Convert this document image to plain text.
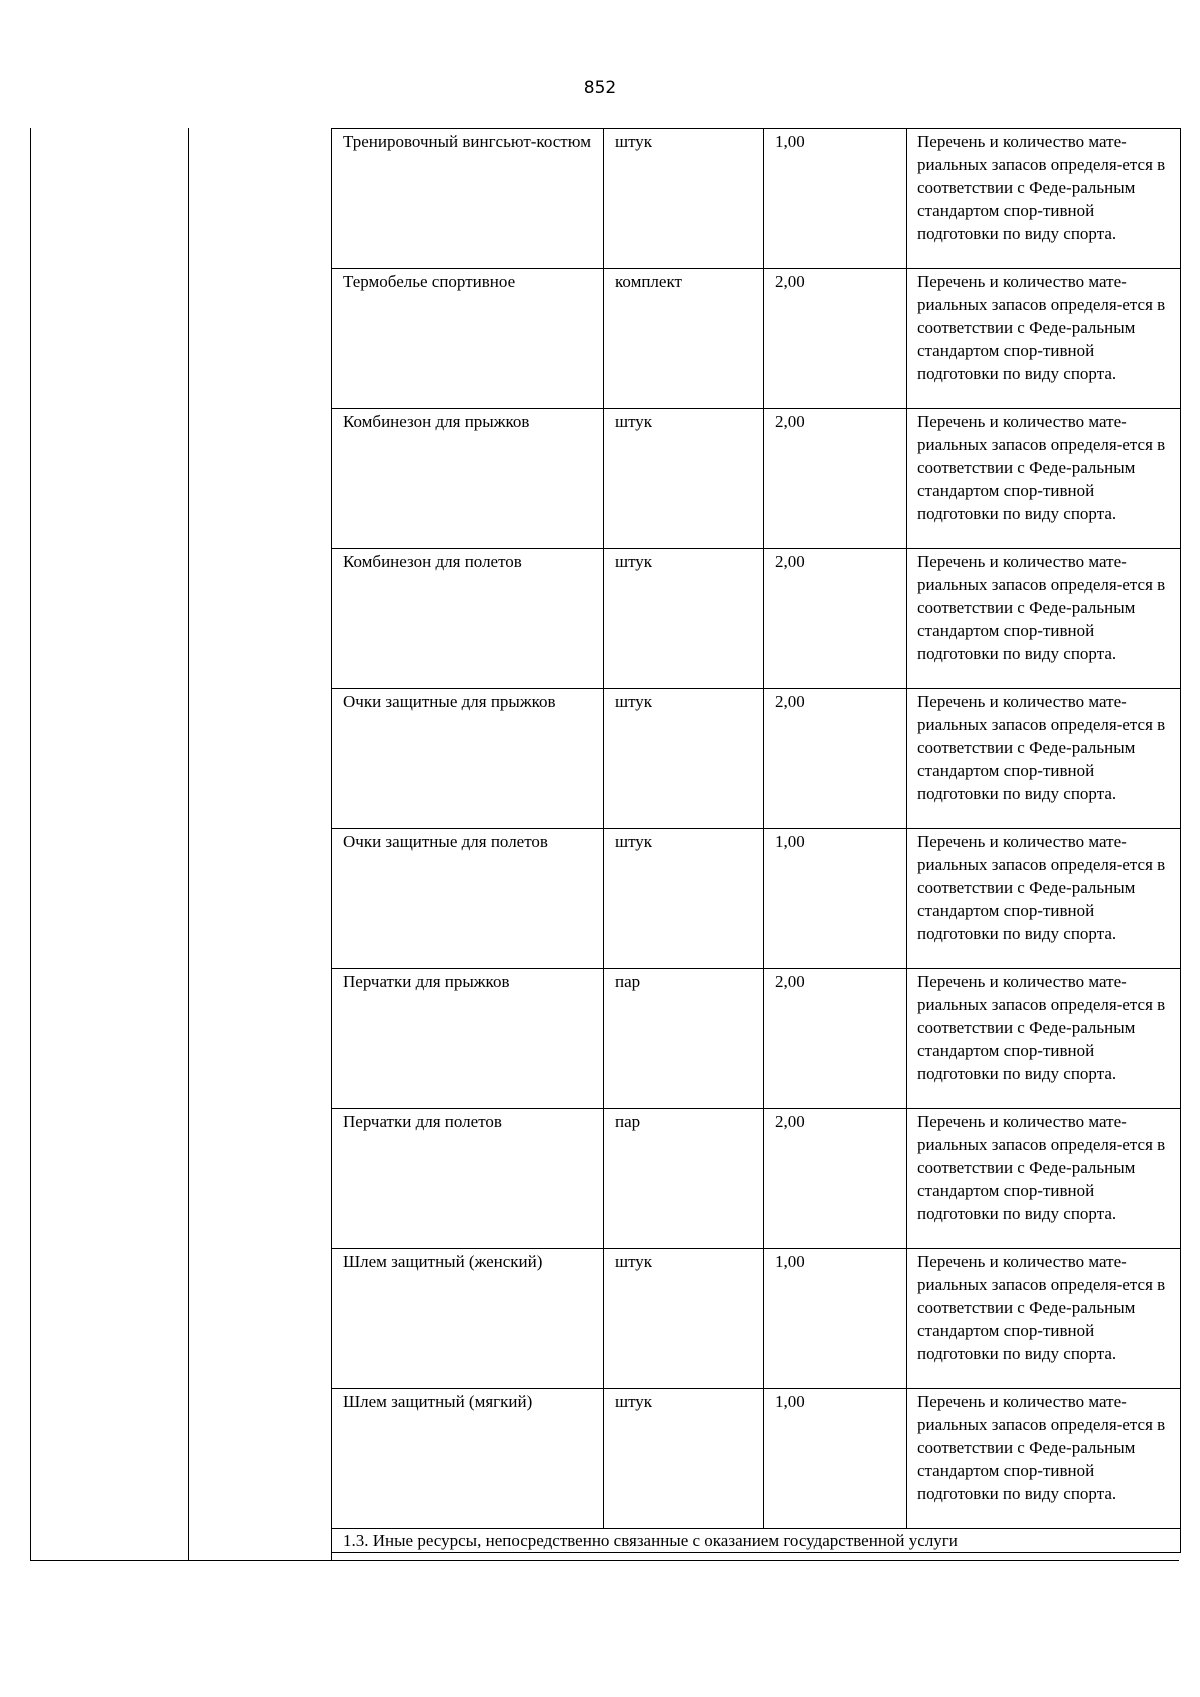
852
Тренировочный вингсьют-костюм	штук	1,00	Перечень и количество мате-риальных запасов определя-ется в соответствии с Феде-ральным стандартом спор-тивной подготовки по виду спорта.
Термобелье спортивное	комплект	2,00	Перечень и количество мате-риальных запасов определя-ется в соответствии с Феде-ральным стандартом спор-тивной подготовки по виду спорта.
Комбинезон для прыжков	штук	2,00	Перечень и количество мате-риальных запасов определя-ется в соответствии с Феде-ральным стандартом спор-тивной подготовки по виду спорта.
Комбинезон для полетов	штук	2,00	Перечень и количество мате-риальных запасов определя-ется в соответствии с Феде-ральным стандартом спор-тивной подготовки по виду спорта.
Очки защитные для прыжков	штук	2,00	Перечень и количество мате-риальных запасов определя-ется в соответствии с Феде-ральным стандартом спор-тивной подготовки по виду спорта.
Очки защитные для полетов	штук	1,00	Перечень и количество мате-риальных запасов определя-ется в соответствии с Феде-ральным стандартом спор-тивной подготовки по виду спорта.
Перчатки для прыжков	пар	2,00	Перечень и количество мате-риальных запасов определя-ется в соответствии с Феде-ральным стандартом спор-тивной подготовки по виду спорта.
Перчатки для полетов	пар	2,00	Перечень и количество мате-риальных запасов определя-ется в соответствии с Феде-ральным стандартом спор-тивной подготовки по виду спорта.
Шлем защитный (женский)	штук	1,00	Перечень и количество мате-риальных запасов определя-ется в соответствии с Феде-ральным стандартом спор-тивной подготовки по виду спорта.
Шлем защитный (мягкий)	штук	1,00	Перечень и количество мате-риальных запасов определя-ется в соответствии с Феде-ральным стандартом спор-тивной подготовки по виду спорта.
1.3. Иные ресурсы, непосредственно связанные с оказанием государственной услуги			
